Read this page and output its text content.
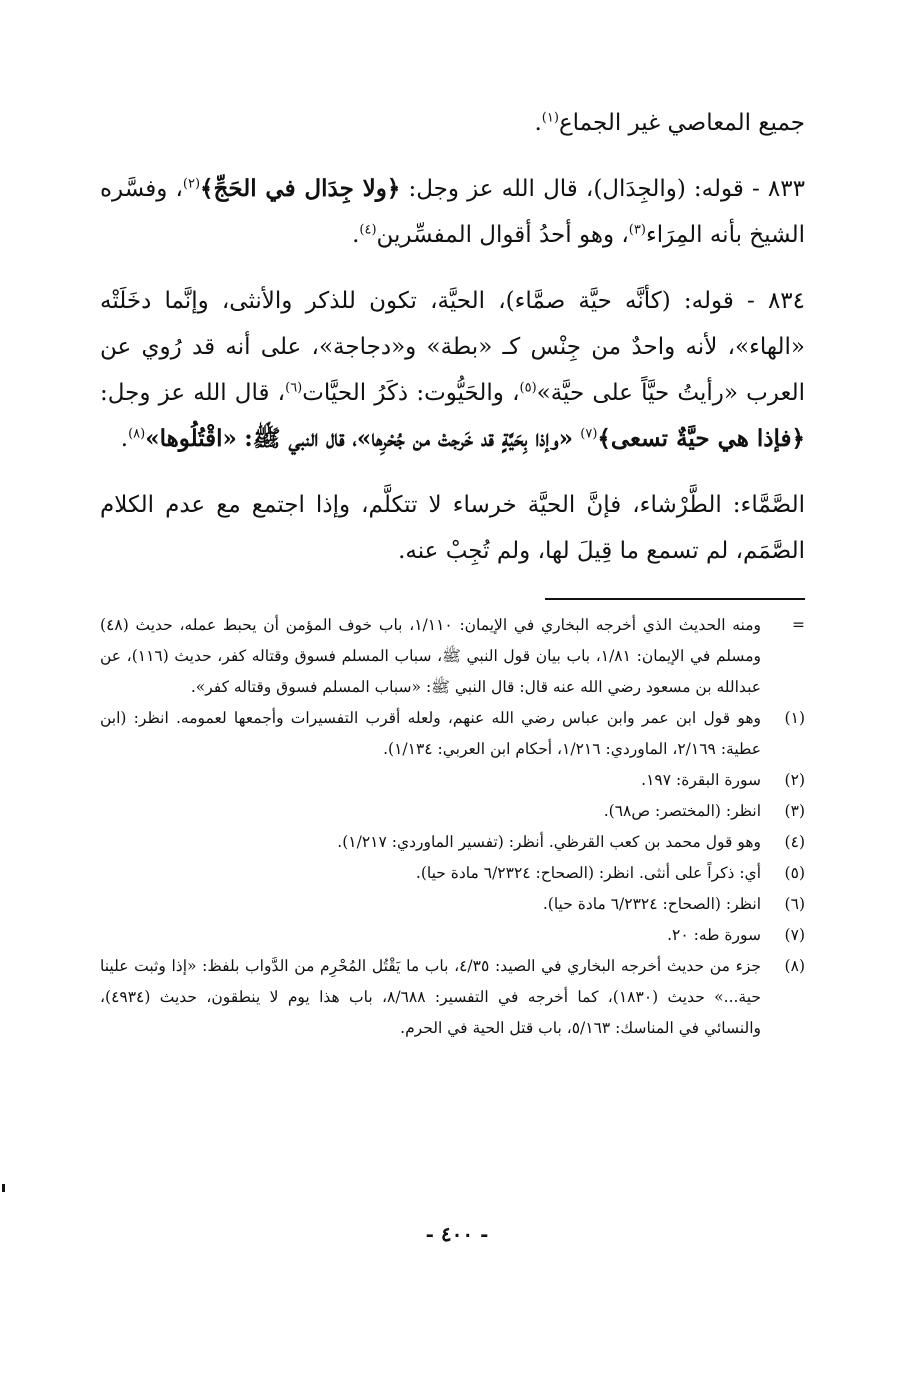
جميع المعاصي غير الجماع$^{(١)}$.

٨٣٣ - قوله: (والجِدَال)، قال الله عز وجل: ﴿ولا جِدَال في الحَجِّ﴾$^{(٢)}$، وفسَّره الشيخ بأنه المِرَاء$^{(٣)}$، وهو أحدُ أقوال المفسِّرين$^{(٤)}$.

٨٣٤ - قوله: (كأنَّه حيَّة صمَّاء)، الحيَّة، تكون للذكر والأنثى، وإنَّما دخَلَتْه «الهاء»، لأنه واحدٌ من جِنْس كـ «بطة» و«دجاجة»، على أنه قد رُوي عن العرب «رأيتُ حيَّاً على حيَّة»$^{(٥)}$، والحَيُّوت: ذكَرُ الحيَّات$^{(٦)}$، قال الله عز وجل: ﴿فإذا هي حيَّةٌ تسعى﴾$^{(٧)}$ «وإذا بِحَيَّةٍ قد خَرجتْ من جُحْرِها»، قال النبي ﷺ: «اقْتُلُوها»$^{(٨)}$.

الصَّمَّاء: الطَّرْشاء، فإنَّ الحيَّة خرساء لا تتكلَّم، وإذا اجتمع مع عدم الكلام الصَّمَم، لم تسمع ما قِيلَ لها، ولم تُجِبْ عنه.

=
ومنه الحديث الذي أخرجه البخاري في الإيمان: ١/١١٠، باب خوف المؤمن أن يحبط عمله، حديث (٤٨) ومسلم في الإيمان: ١/٨١، باب بيان قول النبي ﷺ، سباب المسلم فسوق وقتاله كفر، حديث (١١٦)، عن عبدالله بن مسعود رضي الله عنه قال: قال النبي ﷺ: «سباب المسلم فسوق وقتاله كفر».
(١)
وهو قول ابن عمر وابن عباس رضي الله عنهم، ولعله أقرب التفسيرات وأجمعها لعمومه. انظر: (ابن عطية: ٢/١٦٩، الماوردي: ١/٢١٦، أحكام ابن العربي: ١/١٣٤).
(٢)
سورة البقرة: ١٩٧.
(٣)
انظر: (المختصر: ص٦٨).
(٤)
وهو قول محمد بن كعب القرظي. أنظر: (تفسير الماوردي: ١/٢١٧).
(٥)
أي: ذكراً على أنثى. انظر: (الصحاح: ٦/٢٣٢٤ مادة حيا).
(٦)
انظر: (الصحاح: ٦/٢٣٢٤ مادة حيا).
(٧)
سورة طه: ٢٠.
(٨)
جزء من حديث أخرجه البخاري في الصيد: ٤/٣٥، باب ما يَقْتُل المُحْرِم من الدَّواب بلفظ: «إذا وثبت علينا حية...» حديث (١٨٣٠)، كما أخرجه في التفسير: ٨/٦٨٨، باب هذا يوم لا ينطقون، حديث (٤٩٣٤)، والنسائي في المناسك: ٥/١٦٣، باب قتل الحية في الحرم.
- ٤٠٠ -
